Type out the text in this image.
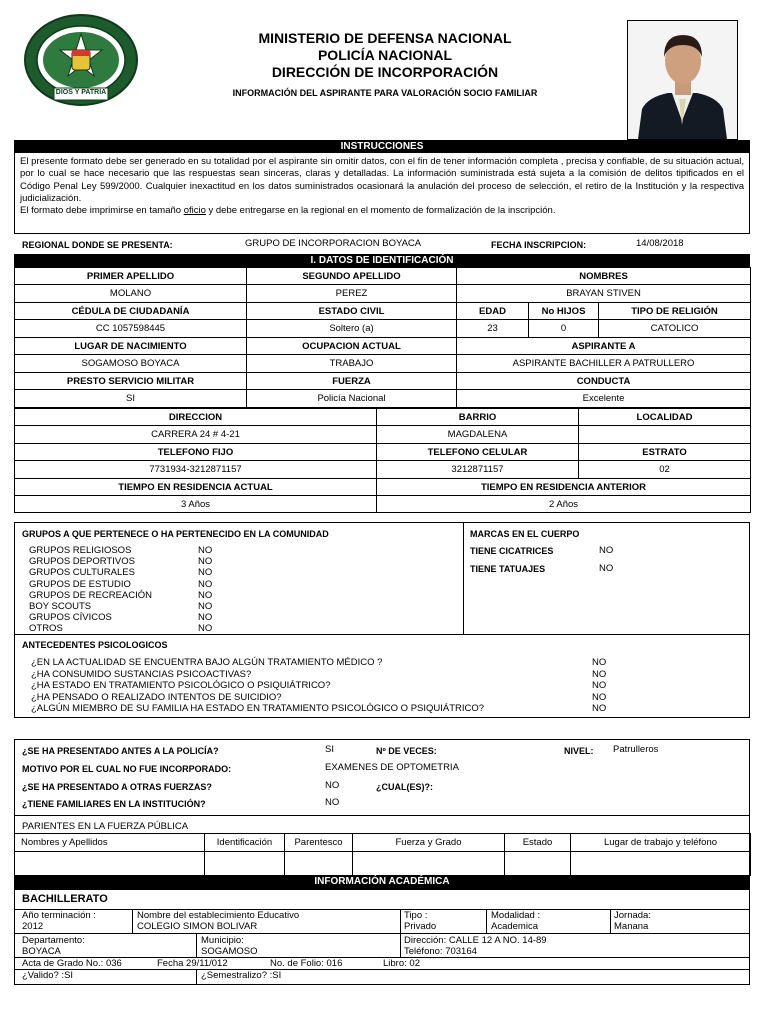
DIOS Y PATRIA
MINISTERIO DE DEFENSA NACIONAL
POLICÍA NACIONAL
DIRECCIÓN DE INCORPORACIÓN
INFORMACIÓN DEL ASPIRANTE PARA VALORACIÓN SOCIO FAMILIAR
INSTRUCCIONES
El presente formato debe ser generado en su totalidad por el aspirante sin omitir datos, con el fin de tener información completa , precisa y confiable, de su situación actual, por lo cual se hace necesario que las respuestas sean sinceras, claras y detalladas. La información suministrada está sujeta a la comisión de delitos tipificados en el Código Penal Ley 599/2000. Cualquier inexactitud en los datos suministrados ocasionará la anulación del proceso de selección, el retiro de la Institución y la respectiva judicialización.
El formato debe imprimirse en tamaño oficio y debe entregarse en la regional en el momento de formalización de la inscripción.
REGIONAL DONDE SE PRESENTA:	GRUPO DE INCORPORACION BOYACA	FECHA INSCRIPCION:	14/08/2018
I. DATOS DE IDENTIFICACIÓN
PRIMER APELLIDO	SEGUNDO APELLIDO	NOMBRES		
MOLANO	PEREZ	BRAYAN STIVEN		
CÉDULA DE CIUDADANÍA	ESTADO CIVIL	EDAD	No HIJOS	TIPO DE RELIGIÓN
CC 1057598445	Soltero (a)	23	0	CATOLICO
LUGAR DE NACIMIENTO	OCUPACION ACTUAL	ASPIRANTE A		
SOGAMOSO BOYACA	TRABAJO	ASPIRANTE BACHILLER A PATRULLERO		
PRESTO SERVICIO MILITAR	FUERZA	CONDUCTA		
SI	Policía Nacional	Excelente		
DIRECCION	BARRIO	LOCALIDAD
CARRERA 24 # 4-21	MAGDALENA	
TELEFONO FIJO	TELEFONO CELULAR	ESTRATO
7731934-3212871157	3212871157	02
TIEMPO EN RESIDENCIA ACTUAL	TIEMPO EN RESIDENCIA ANTERIOR
3 Años	2 Años
GRUPOS A QUE PERTENECE O HA PERTENECIDO EN LA COMUNIDAD
GRUPOS RELIGIOSOS	NO
GRUPOS DEPORTIVOS	NO
GRUPOS CULTURALES	NO
GRUPOS DE ESTUDIO	NO
GRUPOS DE RECREACIÓN	NO
BOY SCOUTS	NO
GRUPOS CÍVICOS	NO
OTROS	NO
MARCAS EN EL CUERPO
TIENE CICATRICES	NO
TIENE TATUAJES	NO
ANTECEDENTES PSICOLOGICOS
¿EN LA ACTUALIDAD SE ENCUENTRA BAJO ALGÚN TRATAMIENTO MÉDICO ?	NO
¿HA CONSUMIDO SUSTANCIAS PSICOACTIVAS?	NO
¿HA ESTADO EN TRATAMIENTO PSICOLÓGICO O PSIQUIÁTRICO?	NO
¿HA PENSADO O REALIZADO INTENTOS DE SUICIDIO?	NO
¿ALGÚN MIEMBRO DE SU FAMILIA HA ESTADO EN TRATAMIENTO PSICOLÓGICO O PSIQUIÁTRICO?	NO
¿SE HA PRESENTADO ANTES A LA POLICÍA?	SI	Nº DE VECES:	NIVEL: Patrulleros
MOTIVO POR EL CUAL NO FUE INCORPORADO:	EXAMENES DE OPTOMETRIA
¿SE HA PRESENTADO A OTRAS FUERZAS?	NO	¿CUAL(ES)?:
¿TIENE FAMILIARES EN LA INSTITUCIÓN?	NO
PARIENTES EN LA FUERZA PÚBLICA
Nombres y Apellidos	Identificación	Parentesco	Fuerza y Grado	Estado	Lugar de trabajo y teléfono

INFORMACIÓN ACADÉMICA
BACHILLERATO
Año terminación :
2012
Nombre del establecimiento Educativo
COLEGIO SIMON BOLIVAR
Tipo :
Privado
Modalidad :
Academica
Jornada:
Manana
Departamento:
BOYACA
Municipio:
SOGAMOSO
Dirección: CALLE 12 A NO. 14-89
Teléfono: 703164
Acta de Grado No.: 036	Fecha 29/11/012	No. de Folio: 016	Libro: 02
¿Valido? :SI	¿Semestralizo? :SI
